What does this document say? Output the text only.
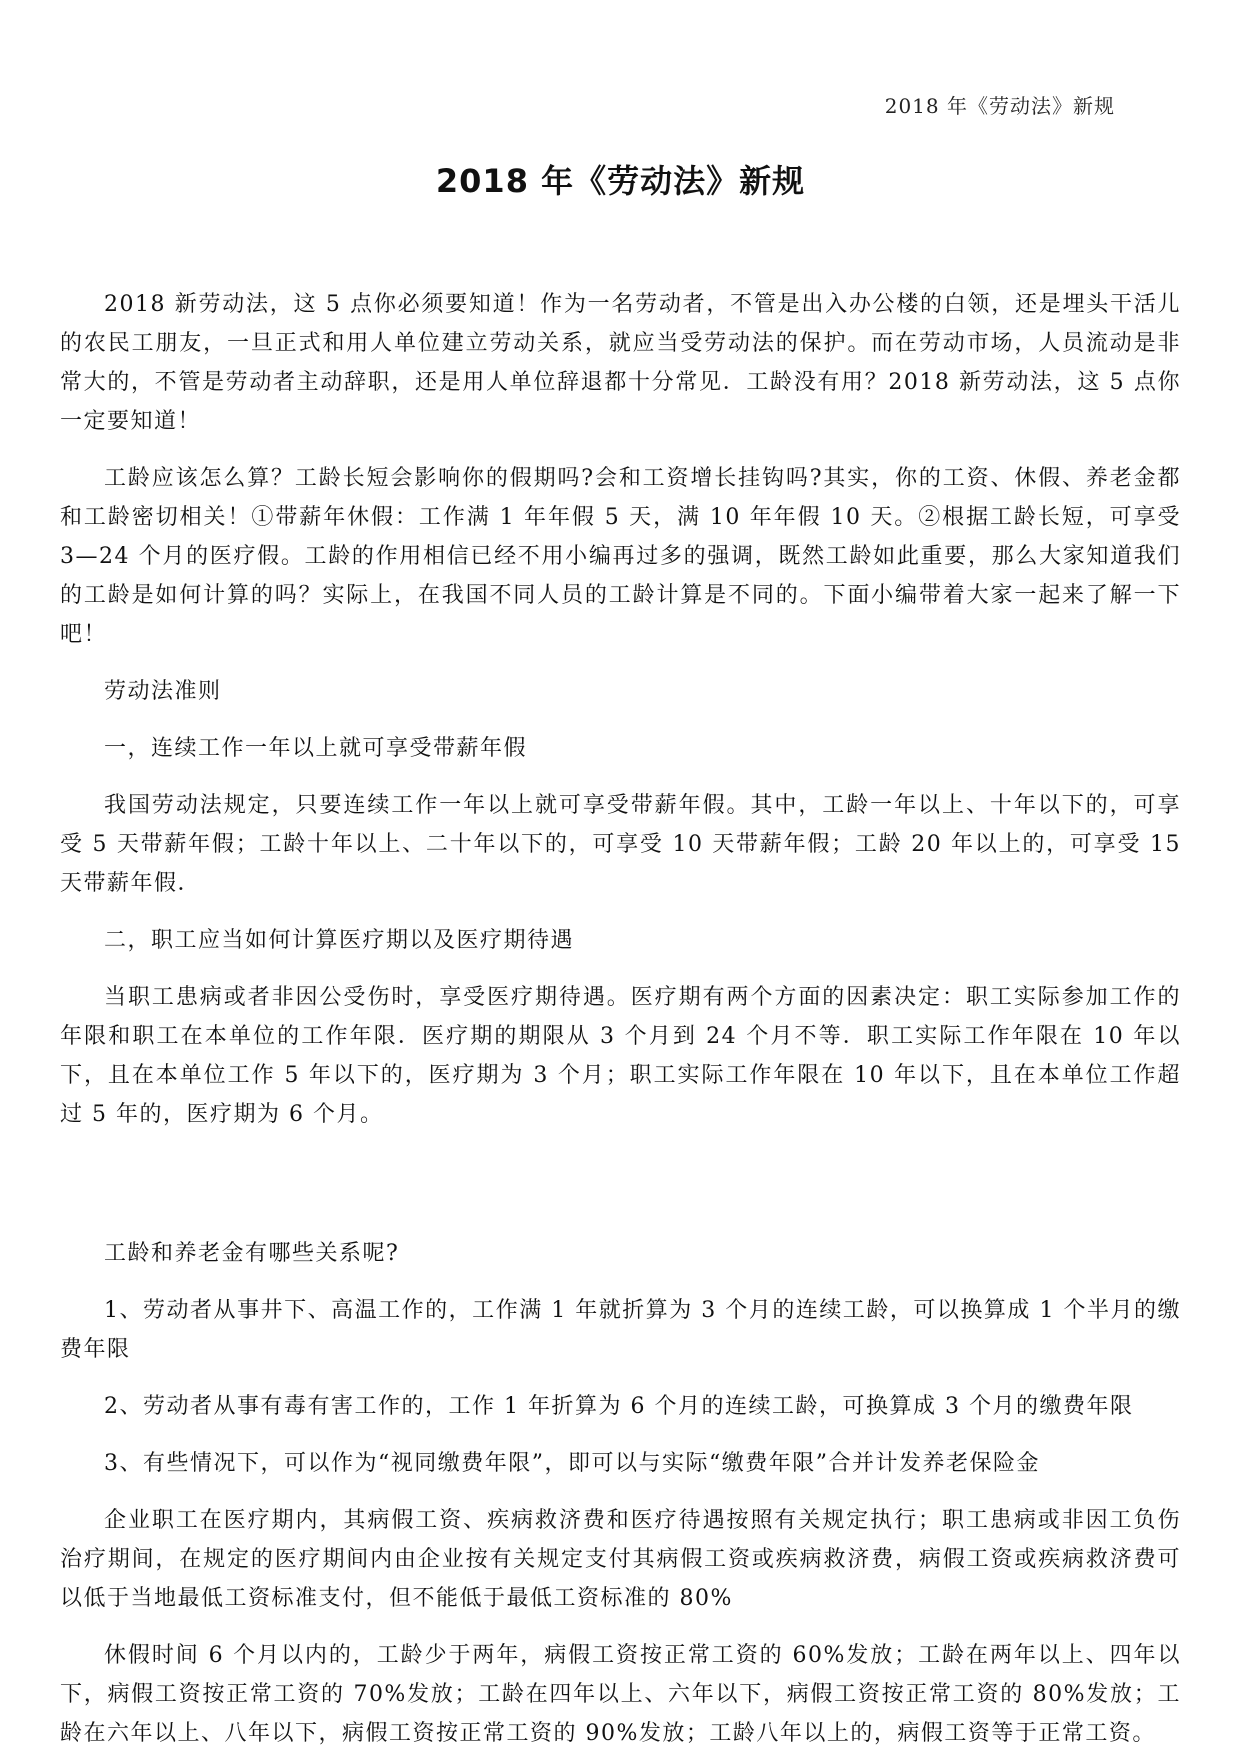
2018 年《劳动法》新规
2018 年《劳动法》新规

2018 新劳动法，这 5 点你必须要知道！作为一名劳动者，不管是出入办公楼的白领，还是埋头干活儿的农民工朋友，一旦正式和用人单位建立劳动关系，就应当受劳动法的保护。而在劳动市场，人员流动是非常大的，不管是劳动者主动辞职，还是用人单位辞退都十分常见．工龄没有用？2018 新劳动法，这 5 点你一定要知道！

工龄应该怎么算？工龄长短会影响你的假期吗?会和工资增长挂钩吗?其实，你的工资、休假、养老金都和工龄密切相关！①带薪年休假：工作满 1 年年假 5 天，满 10 年年假 10 天。②根据工龄长短，可享受 3—24 个月的医疗假。工龄的作用相信已经不用小编再过多的强调，既然工龄如此重要，那么大家知道我们的工龄是如何计算的吗？实际上，在我国不同人员的工龄计算是不同的。下面小编带着大家一起来了解一下吧！

劳动法准则

一，连续工作一年以上就可享受带薪年假

我国劳动法规定，只要连续工作一年以上就可享受带薪年假。其中，工龄一年以上、十年以下的，可享受 5 天带薪年假；工龄十年以上、二十年以下的，可享受 10 天带薪年假；工龄 20 年以上的，可享受 15 天带薪年假．

二，职工应当如何计算医疗期以及医疗期待遇

当职工患病或者非因公受伤时，享受医疗期待遇。医疗期有两个方面的因素决定：职工实际参加工作的年限和职工在本单位的工作年限．医疗期的期限从 3 个月到 24 个月不等．职工实际工作年限在 10 年以下，且在本单位工作 5 年以下的，医疗期为 3 个月；职工实际工作年限在 10 年以下，且在本单位工作超过 5 年的，医疗期为 6 个月。

工龄和养老金有哪些关系呢?

1、劳动者从事井下、高温工作的，工作满 1 年就折算为 3 个月的连续工龄，可以换算成 1 个半月的缴费年限

2、劳动者从事有毒有害工作的，工作 1 年折算为 6 个月的连续工龄，可换算成 3 个月的缴费年限

3、有些情况下，可以作为“视同缴费年限”，即可以与实际“缴费年限”合并计发养老保险金

企业职工在医疗期内，其病假工资、疾病救济费和医疗待遇按照有关规定执行；职工患病或非因工负伤治疗期间，在规定的医疗期间内由企业按有关规定支付其病假工资或疾病救济费，病假工资或疾病救济费可以低于当地最低工资标准支付，但不能低于最低工资标准的 80%

休假时间 6 个月以内的，工龄少于两年，病假工资按正常工资的 60%发放；工龄在两年以上、四年以下，病假工资按正常工资的 70%发放；工龄在四年以上、六年以下，病假工资按正常工资的 80%发放；工龄在六年以上、八年以下，病假工资按正常工资的 90%发放；工龄八年以上的，病假工资等于正常工资。
